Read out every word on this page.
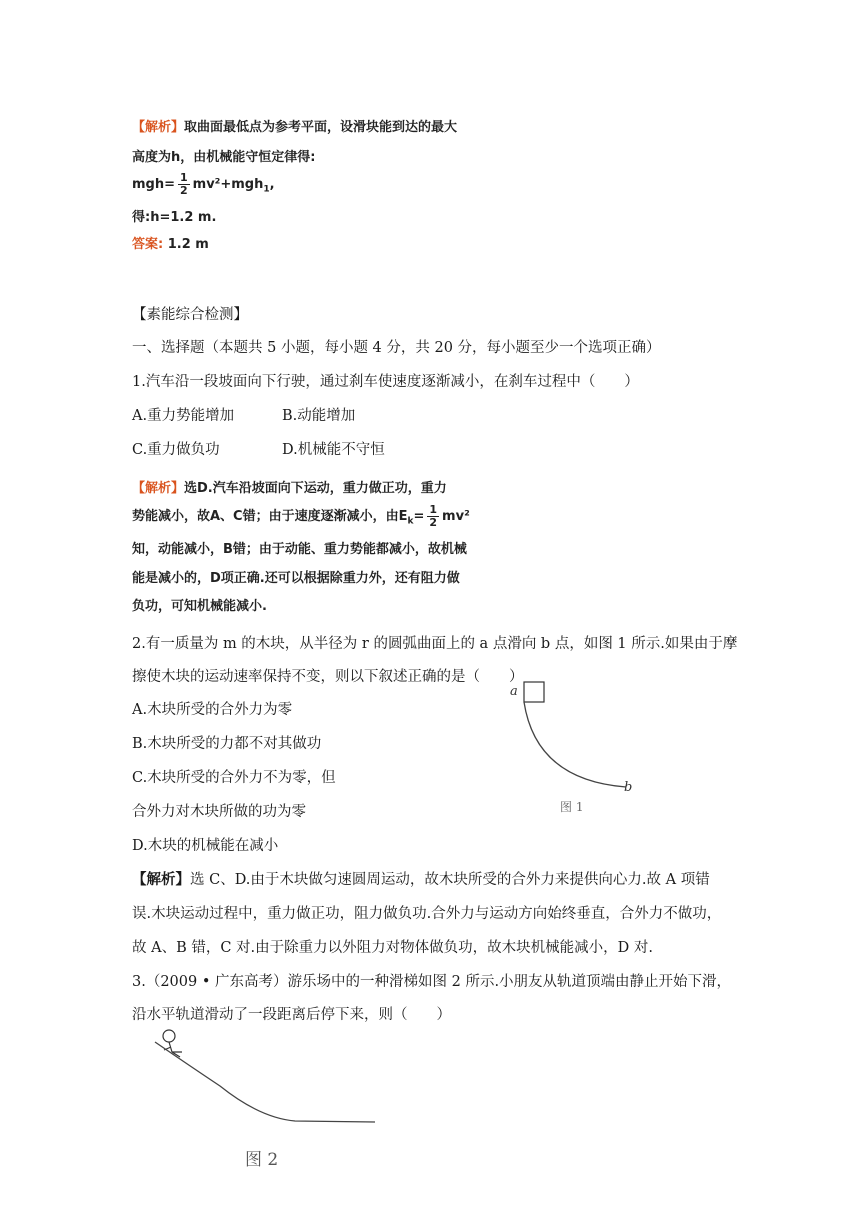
【解析】取曲面最低点为参考平面，设滑块能到达的最大
高度为h，由机械能守恒定律得:
$mgh= \frac{1}{2} mv^2+mgh_1$,
得:h=1.2 m.
答案: 1.2 m
【素能综合检测】
一、选择题（本题共 5 小题，每小题 4 分，共 20 分，每小题至少一个选项正确）
1.汽车沿一段坡面向下行驶，通过刹车使速度逐渐减小，在刹车过程中（　　）
A.重力势能增加	B.动能增加
C.重力做负功	D.机械能不守恒
【解析】选D.汽车沿坡面向下运动，重力做正功，重力
势能减小，故A、C错；由于速度逐渐减小，由$E_k= \frac{1}{2} mv^2$
知，动能减小，B错；由于动能、重力势能都减小，故机械
能是减小的，D项正确.还可以根据除重力外，还有阻力做
负功，可知机械能减小.
2.有一质量为 m 的木块，从半径为 r 的圆弧曲面上的 a 点滑向 b 点，如图 1 所示.如果由于摩
擦使木块的运动速率保持不变，则以下叙述正确的是（　　）
A.木块所受的合外力为零
B.木块所受的力都不对其做功
C.木块所受的合外力不为零，但
合外力对木块所做的功为零
D.木块的机械能在减小
a
b
图 1
【解析】选 C、D.由于木块做匀速圆周运动，故木块所受的合外力来提供向心力.故 A 项错
误.木块运动过程中，重力做正功，阻力做负功.合外力与运动方向始终垂直，合外力不做功，
故 A、B 错，C 对.由于除重力以外阻力对物体做负功，故木块机械能减小，D 对.
3.（2009 • 广东高考）游乐场中的一种滑梯如图 2 所示.小朋友从轨道顶端由静止开始下滑，
沿水平轨道滑动了一段距离后停下来，则（　　）
图 2
